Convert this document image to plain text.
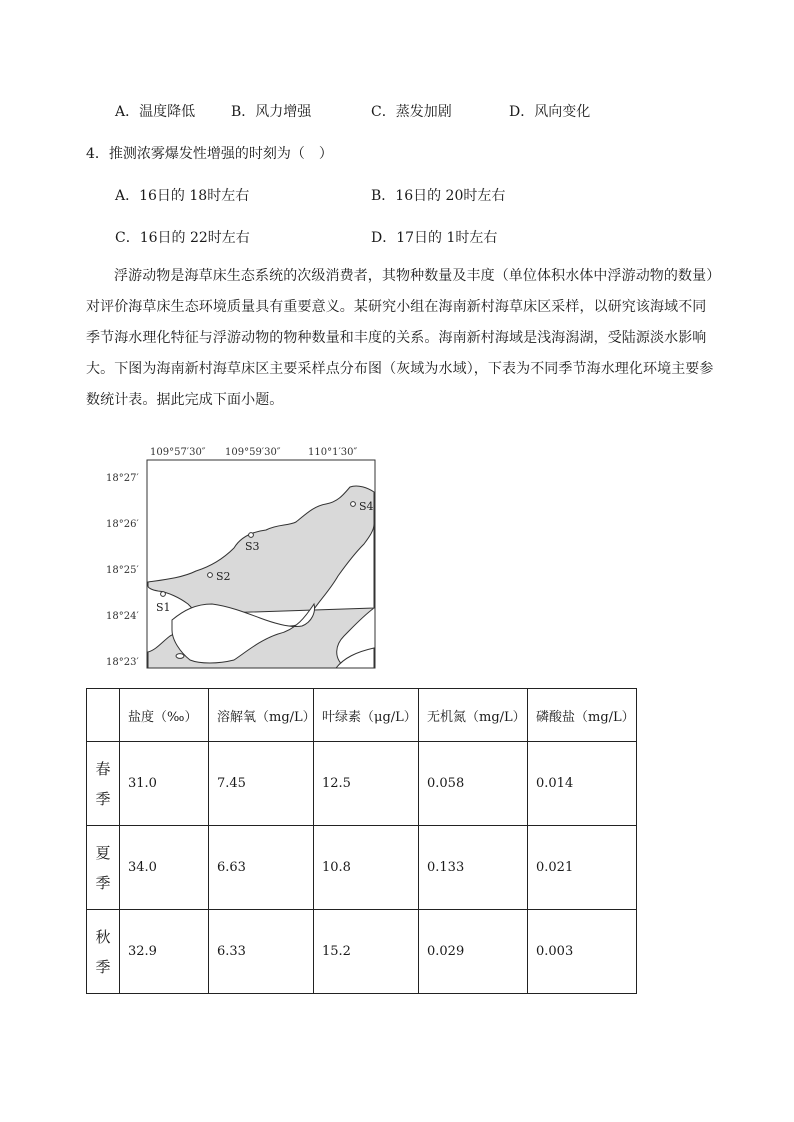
A．温度降低	B．风力增强	C．蒸发加剧	D．风向变化
4．推测浓雾爆发性增强的时刻为（　）
A．16日的 18时左右	B．16日的 20时左右
C．16日的 22时左右	D．17日的 1时左右
浮游动物是海草床生态系统的次级消费者，其物种数量及丰度（单位体积水体中浮游动物的数量）对评价海草床生态环境质量具有重要意义。某研究小组在海南新村海草床区采样，以研究该海域不同季节海水理化特征与浮游动物的物种数量和丰度的关系。海南新村海域是浅海潟湖，受陆源淡水影响大。下图为海南新村海草床区主要采样点分布图（灰域为水域），下表为不同季节海水理化环境主要参数统计表。据此完成下面小题。
109°57′30″ 109°59′30″	110°1′30″
18°27′
18°26′
18°25′
18°24′
18°23′
S1
S2
S3
S4
	盐度（‰）	溶解氧（mg/L）	叶绿素（μg/L）	无机氮（mg/L）	磷酸盐（mg/L）

春
季	31.0	7.45	12.5	0.058	0.014

夏
季	34.0	6.63	10.8	0.133	0.021

秋
季	32.9	6.33	15.2	0.029	0.003
